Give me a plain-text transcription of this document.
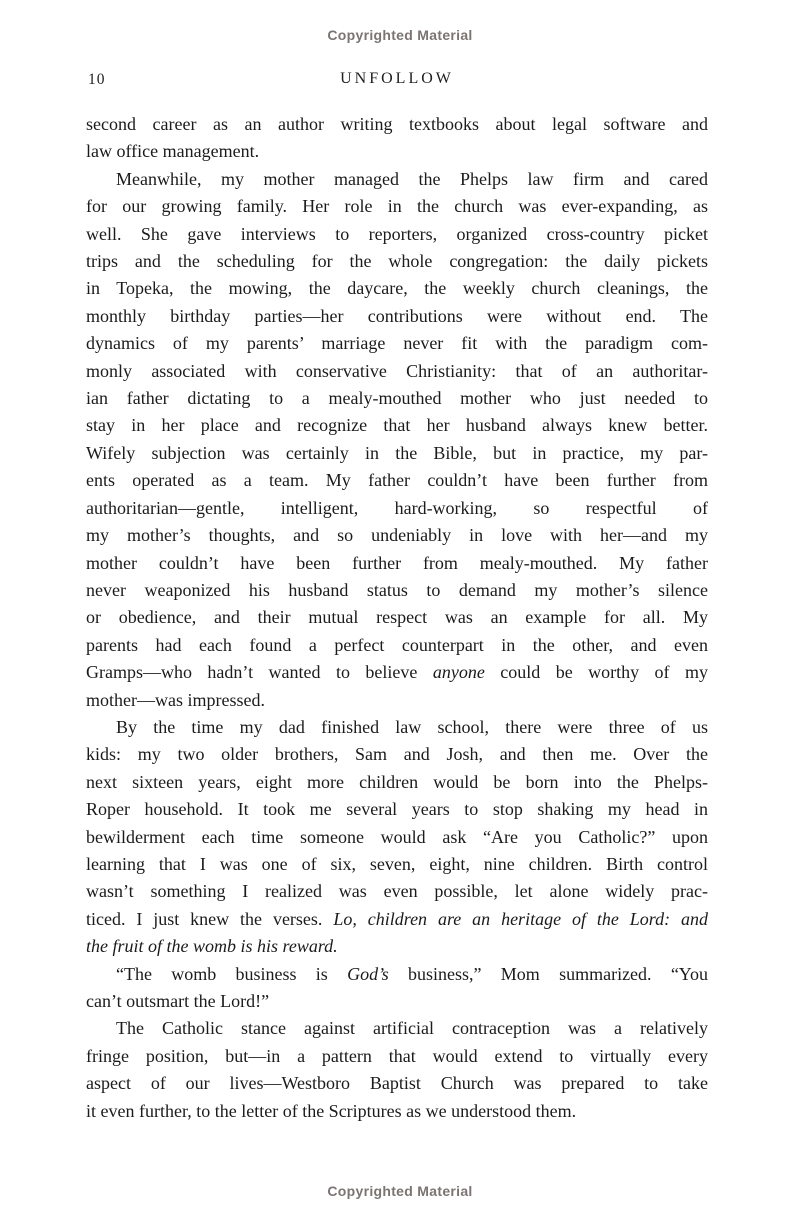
Copyrighted Material
10	UNFOLLOW
second career as an author writing textbooks about legal software and
law office management.
Meanwhile, my mother managed the Phelps law firm and cared
for our growing family. Her role in the church was ever-expanding, as
well. She gave interviews to reporters, organized cross-country picket
trips and the scheduling for the whole congregation: the daily pickets
in Topeka, the mowing, the daycare, the weekly church cleanings, the
monthly birthday parties—her contributions were without end. The
dynamics of my parents’ marriage never fit with the paradigm com-
monly associated with conservative Christianity: that of an authoritar-
ian father dictating to a mealy-mouthed mother who just needed to
stay in her place and recognize that her husband always knew better.
Wifely subjection was certainly in the Bible, but in practice, my par-
ents operated as a team. My father couldn’t have been further from
authoritarian—gentle, intelligent, hard-working, so respectful of
my mother’s thoughts, and so undeniably in love with her—and my
mother couldn’t have been further from mealy-mouthed. My father
never weaponized his husband status to demand my mother’s silence
or obedience, and their mutual respect was an example for all. My
parents had each found a perfect counterpart in the other, and even
Gramps—who hadn’t wanted to believe anyone could be worthy of my
mother—was impressed.
By the time my dad finished law school, there were three of us
kids: my two older brothers, Sam and Josh, and then me. Over the
next sixteen years, eight more children would be born into the Phelps-
Roper household. It took me several years to stop shaking my head in
bewilderment each time someone would ask “Are you Catholic?” upon
learning that I was one of six, seven, eight, nine children. Birth control
wasn’t something I realized was even possible, let alone widely prac-
ticed. I just knew the verses. Lo, children are an heritage of the Lord: and
the fruit of the womb is his reward.
“The womb business is God’s business,” Mom summarized. “You
can’t outsmart the Lord!”
The Catholic stance against artificial contraception was a relatively
fringe position, but—in a pattern that would extend to virtually every
aspect of our lives—Westboro Baptist Church was prepared to take
it even further, to the letter of the Scriptures as we understood them.
Copyrighted Material
